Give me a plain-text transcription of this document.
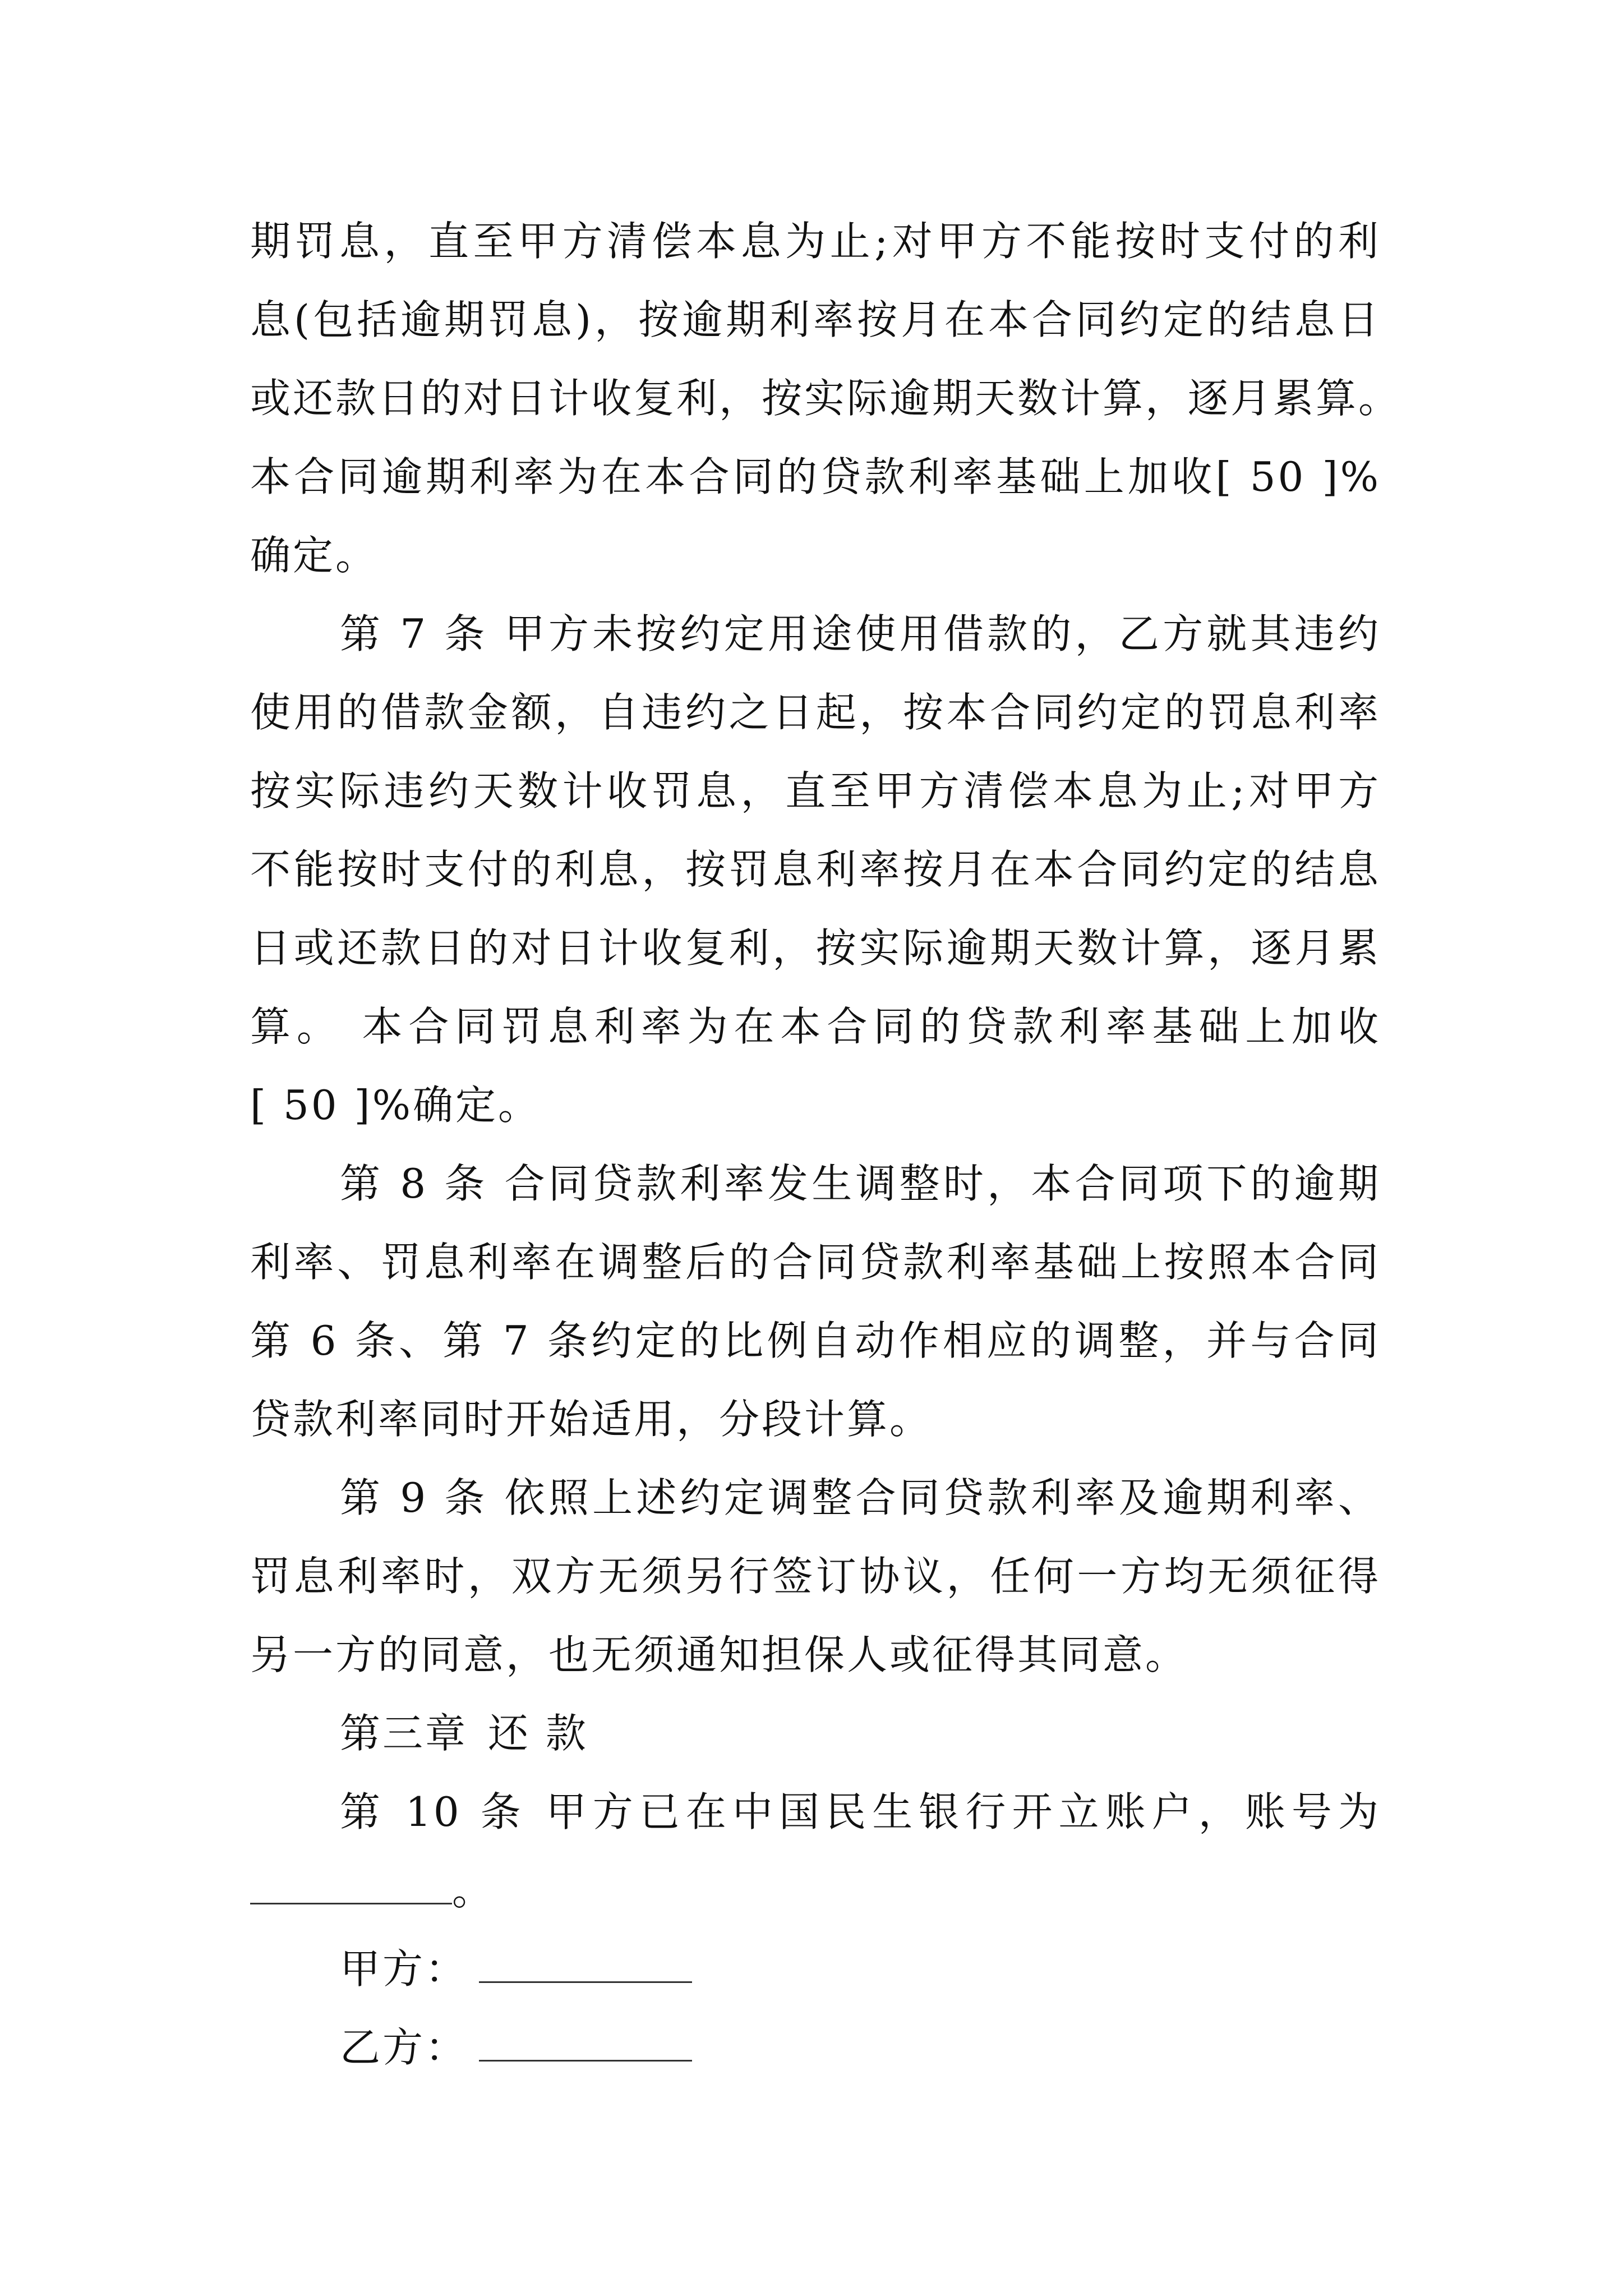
期罚息，直至甲方清偿本息为止;对甲方不能按时支付的利
息(包括逾期罚息)，按逾期利率按月在本合同约定的结息日
或还款日的对日计收复利，按实际逾期天数计算，逐月累算。
本合同逾期利率为在本合同的贷款利率基础上加收[ 50 ]%
确定。
第 7 条 甲方未按约定用途使用借款的，乙方就其违约
使用的借款金额，自违约之日起，按本合同约定的罚息利率
按实际违约天数计收罚息，直至甲方清偿本息为止;对甲方
不能按时支付的利息，按罚息利率按月在本合同约定的结息
日或还款日的对日计收复利，按实际逾期天数计算，逐月累
算。 本合同罚息利率为在本合同的贷款利率基础上加收
[ 50 ]%确定。
第 8 条 合同贷款利率发生调整时，本合同项下的逾期
利率、罚息利率在调整后的合同贷款利率基础上按照本合同
第 6 条、第 7 条约定的比例自动作相应的调整，并与合同
贷款利率同时开始适用，分段计算。
第 9 条 依照上述约定调整合同贷款利率及逾期利率、
罚息利率时，双方无须另行签订协议，任何一方均无须征得
另一方的同意，也无须通知担保人或征得其同意。
第三章 还 款
第 10 条 甲方已在中国民生银行开立账户，账号为
。
甲方：
乙方：
